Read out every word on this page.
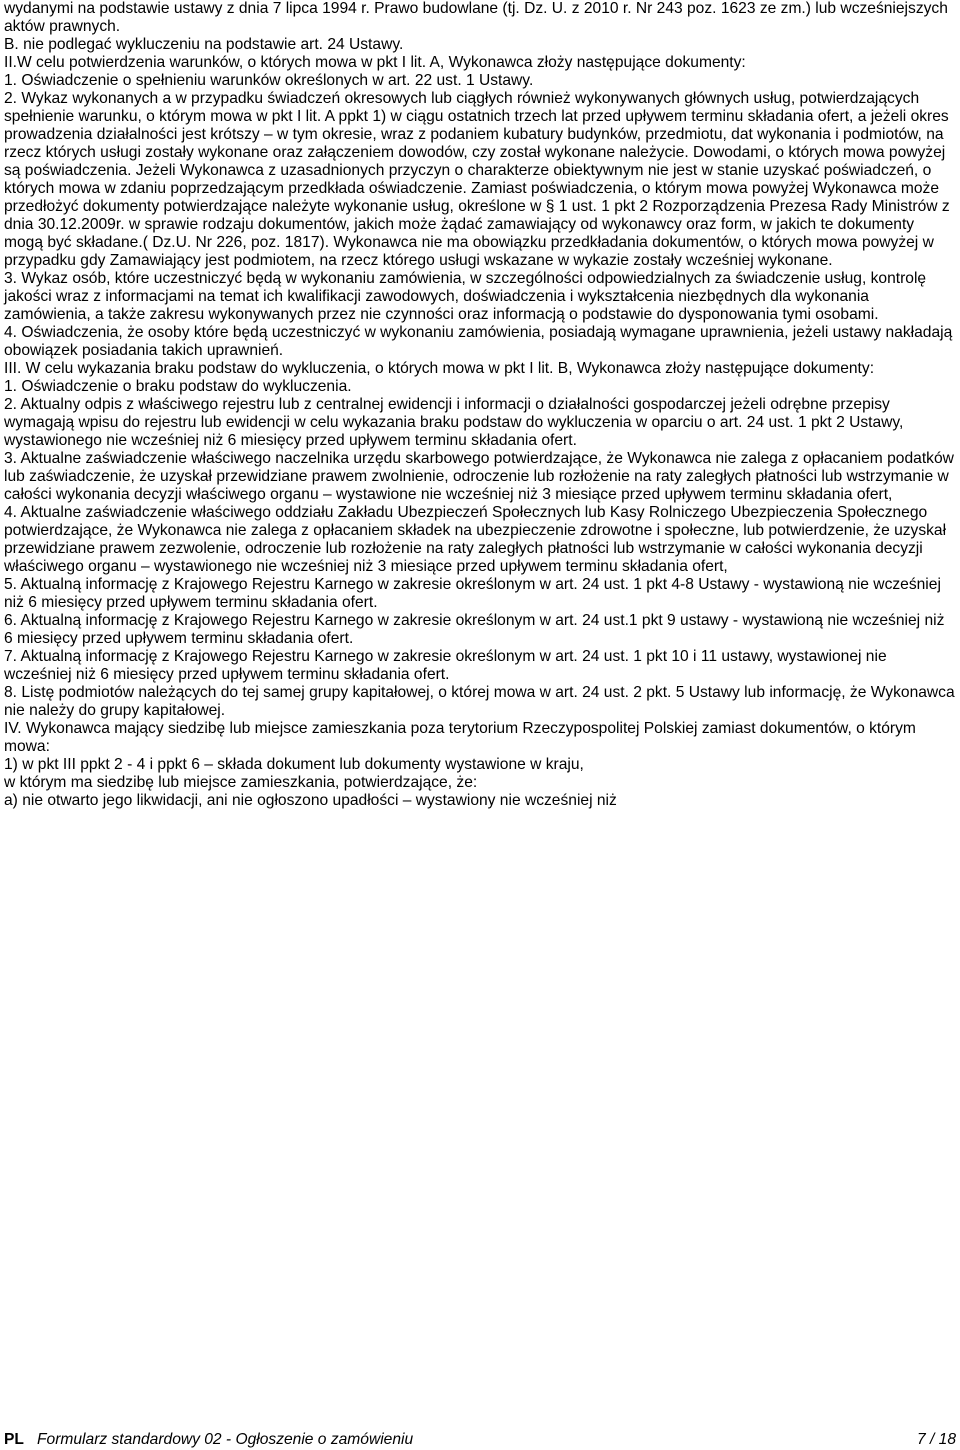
wydanymi na podstawie ustawy z dnia 7 lipca 1994 r. Prawo budowlane (tj. Dz. U. z 2010 r. Nr 243 poz. 1623 ze zm.) lub wcześniejszych aktów prawnych.

B. nie podlegać wykluczeniu na podstawie art. 24 Ustawy.

II.W celu potwierdzenia warunków, o których mowa w pkt I lit. A, Wykonawca złoży następujące dokumenty:

1. Oświadczenie o spełnieniu warunków określonych w art. 22 ust. 1 Ustawy.

2. Wykaz wykonanych a w przypadku świadczeń okresowych lub ciągłych również wykonywanych głównych usług, potwierdzających spełnienie warunku, o którym mowa w pkt I lit. A ppkt 1) w ciągu ostatnich trzech lat przed upływem terminu składania ofert, a jeżeli okres prowadzenia działalności jest krótszy – w tym okresie, wraz z podaniem kubatury budynków, przedmiotu, dat wykonania i podmiotów, na rzecz których usługi zostały wykonane oraz załączeniem dowodów, czy został wykonane należycie. Dowodami, o których mowa powyżej są poświadczenia. Jeżeli Wykonawca z uzasadnionych przyczyn o charakterze obiektywnym nie jest w stanie uzyskać poświadczeń, o których mowa w zdaniu poprzedzającym przedkłada oświadczenie. Zamiast poświadczenia, o którym mowa powyżej Wykonawca może przedłożyć dokumenty potwierdzające należyte wykonanie usług, określone w § 1 ust. 1 pkt 2 Rozporządzenia Prezesa Rady Ministrów z dnia 30.12.2009r. w sprawie rodzaju dokumentów, jakich może żądać zamawiający od wykonawcy oraz form, w jakich te dokumenty mogą być składane.( Dz.U. Nr 226, poz. 1817). Wykonawca nie ma obowiązku przedkładania dokumentów, o których mowa powyżej w przypadku gdy Zamawiający jest podmiotem, na rzecz którego usługi wskazane w wykazie zostały wcześniej wykonane.

3. Wykaz osób, które uczestniczyć będą w wykonaniu zamówienia, w szczególności odpowiedzialnych za świadczenie usług, kontrolę jakości wraz z informacjami na temat ich kwalifikacji zawodowych, doświadczenia i wykształcenia niezbędnych dla wykonania zamówienia, a także zakresu wykonywanych przez nie czynności oraz informacją o podstawie do dysponowania tymi osobami.

4. Oświadczenia, że osoby które będą uczestniczyć w wykonaniu zamówienia, posiadają wymagane uprawnienia, jeżeli ustawy nakładają obowiązek posiadania takich uprawnień.

III. W celu wykazania braku podstaw do wykluczenia, o których mowa w pkt I lit. B, Wykonawca złoży następujące dokumenty:

1. Oświadczenie o braku podstaw do wykluczenia.

2. Aktualny odpis z właściwego rejestru lub z centralnej ewidencji i informacji o działalności gospodarczej jeżeli odrębne przepisy wymagają wpisu do rejestru lub ewidencji w celu wykazania braku podstaw do wykluczenia w oparciu o art. 24 ust. 1 pkt 2 Ustawy, wystawionego nie wcześniej niż 6 miesięcy przed upływem terminu składania ofert.

3. Aktualne zaświadczenie właściwego naczelnika urzędu skarbowego potwierdzające, że Wykonawca nie zalega z opłacaniem podatków lub zaświadczenie, że uzyskał przewidziane prawem zwolnienie, odroczenie lub rozłożenie na raty zaległych płatności lub wstrzymanie w całości wykonania decyzji właściwego organu – wystawione nie wcześniej niż 3 miesiące przed upływem terminu składania ofert,

4. Aktualne zaświadczenie właściwego oddziału Zakładu Ubezpieczeń Społecznych lub Kasy Rolniczego Ubezpieczenia Społecznego potwierdzające, że Wykonawca nie zalega z opłacaniem składek na ubezpieczenie zdrowotne i społeczne, lub potwierdzenie, że uzyskał przewidziane prawem zezwolenie, odroczenie lub rozłożenie na raty zaległych płatności lub wstrzymanie w całości wykonania decyzji właściwego organu – wystawionego nie wcześniej niż 3 miesiące przed upływem terminu składania ofert,

5. Aktualną informację z Krajowego Rejestru Karnego w zakresie określonym w art. 24 ust. 1 pkt 4-8 Ustawy - wystawioną nie wcześniej niż 6 miesięcy przed upływem terminu składania ofert.

6. Aktualną informację z Krajowego Rejestru Karnego w zakresie określonym w art. 24 ust.1 pkt 9 ustawy - wystawioną nie wcześniej niż 6 miesięcy przed upływem terminu składania ofert.

7. Aktualną informację z Krajowego Rejestru Karnego w zakresie określonym w art. 24 ust. 1 pkt 10 i 11 ustawy, wystawionej nie wcześniej niż 6 miesięcy przed upływem terminu składania ofert.

8. Listę podmiotów należących do tej samej grupy kapitałowej, o której mowa w art. 24 ust. 2 pkt. 5 Ustawy lub informację, że Wykonawca nie należy do grupy kapitałowej.

IV. Wykonawca mający siedzibę lub miejsce zamieszkania poza terytorium Rzeczypospolitej Polskiej zamiast dokumentów, o którym mowa:

1) w pkt III ppkt 2 - 4 i ppkt 6 – składa dokument lub dokumenty wystawione w kraju,

w którym ma siedzibę lub miejsce zamieszkania, potwierdzające, że:

a) nie otwarto jego likwidacji, ani nie ogłoszono upadłości – wystawiony nie wcześniej niż

PL Formularz standardowy 02 - Ogłoszenie o zamówieniu	7 / 18
